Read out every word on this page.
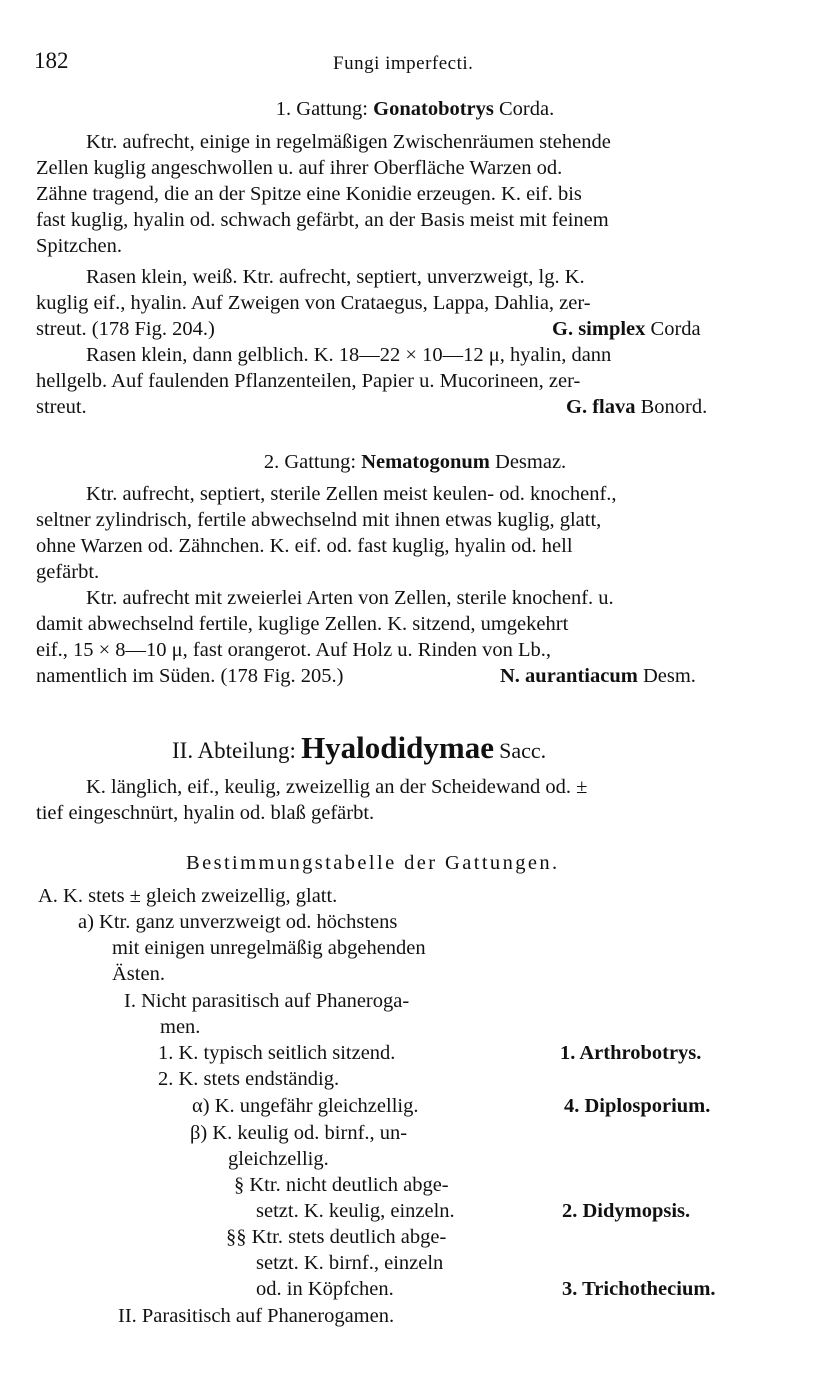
182	Fungi imperfecti.
1. Gattung: Gonatobotrys Corda.
Ktr. aufrecht, einige in regelmäßigen Zwischenräumen stehende
Zellen kuglig angeschwollen u. auf ihrer Oberfläche Warzen od.
Zähne tragend, die an der Spitze eine Konidie erzeugen. K. eif. bis
fast kuglig, hyalin od. schwach gefärbt, an der Basis meist mit feinem
Spitzchen.
Rasen klein, weiß. Ktr. aufrecht, septiert, unverzweigt, lg. K.
kuglig eif., hyalin. Auf Zweigen von Crataegus, Lappa, Dahlia, zer-
streut. (178 Fig. 204.)	G. simplex Corda
Rasen klein, dann gelblich. K. 18—22 × 10—12 μ, hyalin, dann
hellgelb. Auf faulenden Pflanzenteilen, Papier u. Mucorineen, zer-
streut.	G. flava Bonord.
2. Gattung: Nematogonum Desmaz.
Ktr. aufrecht, septiert, sterile Zellen meist keulen- od. knochenf.,
seltner zylindrisch, fertile abwechselnd mit ihnen etwas kuglig, glatt,
ohne Warzen od. Zähnchen. K. eif. od. fast kuglig, hyalin od. hell
gefärbt.
Ktr. aufrecht mit zweierlei Arten von Zellen, sterile knochenf. u.
damit abwechselnd fertile, kuglige Zellen. K. sitzend, umgekehrt
eif., 15 × 8—10 μ, fast orangerot. Auf Holz u. Rinden von Lb.,
namentlich im Süden. (178 Fig. 205.)	N. aurantiacum Desm.
II. Abteilung: Hyalodidymae Sacc.
K. länglich, eif., keulig, zweizellig an der Scheidewand od. ±
tief eingeschnürt, hyalin od. blaß gefärbt.
Bestimmungstabelle der Gattungen.
A. K. stets ± gleich zweizellig, glatt.
a) Ktr. ganz unverzweigt od. höchstens
mit einigen unregelmäßig abgehenden
Ästen.
I. Nicht parasitisch auf Phaneroga-
men.
1. K. typisch seitlich sitzend.	1. Arthrobotrys.
2. K. stets endständig.
α) K. ungefähr gleichzellig.	4. Diplosporium.
β) K. keulig od. birnf., un-
gleichzellig.
§ Ktr. nicht deutlich abge-
setzt. K. keulig, einzeln.	2. Didymopsis.
§§ Ktr. stets deutlich abge-
setzt. K. birnf., einzeln
od. in Köpfchen.	3. Trichothecium.
II. Parasitisch auf Phanerogamen.
